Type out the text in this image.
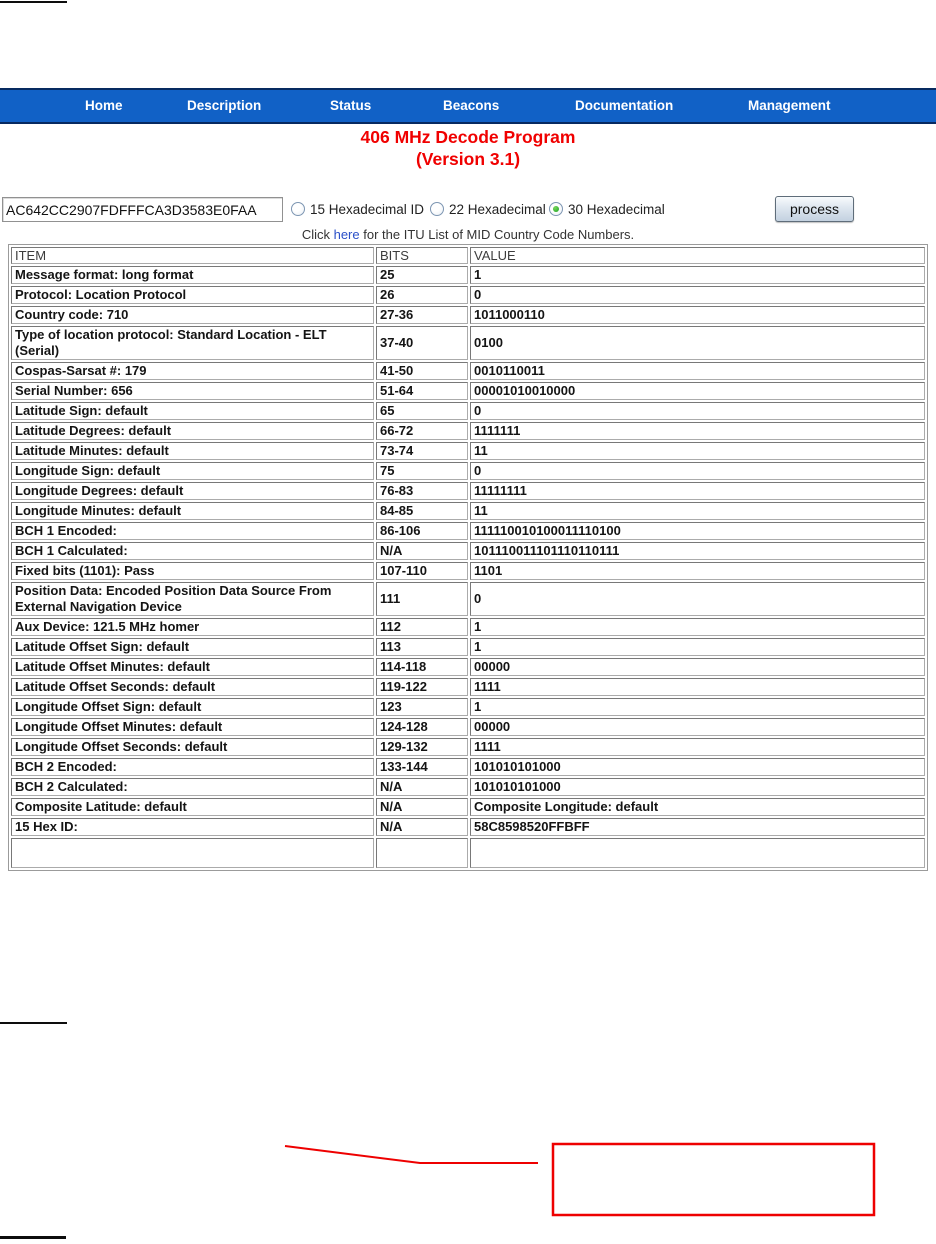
Home	Description	Status	Beacons	Documentation	Management
406 MHz Decode Program
(Version 3.1)
AC642CC2907FDFFFCA3D3583E0FAA
15 Hexadecimal ID 22 Hexadecimal 30 Hexadecimal	process
Click here for the ITU List of MID Country Code Numbers.
ITEM	BITS	VALUE
Message format: long format	25	1
Protocol: Location Protocol	26	0
Country code: 710	27-36	1011000110
Type of location protocol: Standard Location - ELT (Serial)	37-40	0100
Cospas-Sarsat #: 179	41-50	0010110011
Serial Number: 656	51-64	00001010010000
Latitude Sign: default	65	0
Latitude Degrees: default	66-72	1111111
Latitude Minutes: default	73-74	11
Longitude Sign: default	75	0
Longitude Degrees: default	76-83	11111111
Longitude Minutes: default	84-85	11
BCH 1 Encoded:	86-106	111110010100011110100
BCH 1 Calculated:	N/A	101110011101110110111
Fixed bits (1101): Pass	107-110	1101
Position Data: Encoded Position Data Source From External Navigation Device	111	0
Aux Device: 121.5 MHz homer	112	1
Latitude Offset Sign: default	113	1
Latitude Offset Minutes: default	114-118	00000
Latitude Offset Seconds: default	119-122	1111
Longitude Offset Sign: default	123	1
Longitude Offset Minutes: default	124-128	00000
Longitude Offset Seconds: default	129-132	1111
BCH 2 Encoded:	133-144	101010101000
BCH 2 Calculated:	N/A	101010101000
Composite Latitude: default	N/A	Composite Longitude: default
15 Hex ID:	N/A	58C8598520FFBFF
